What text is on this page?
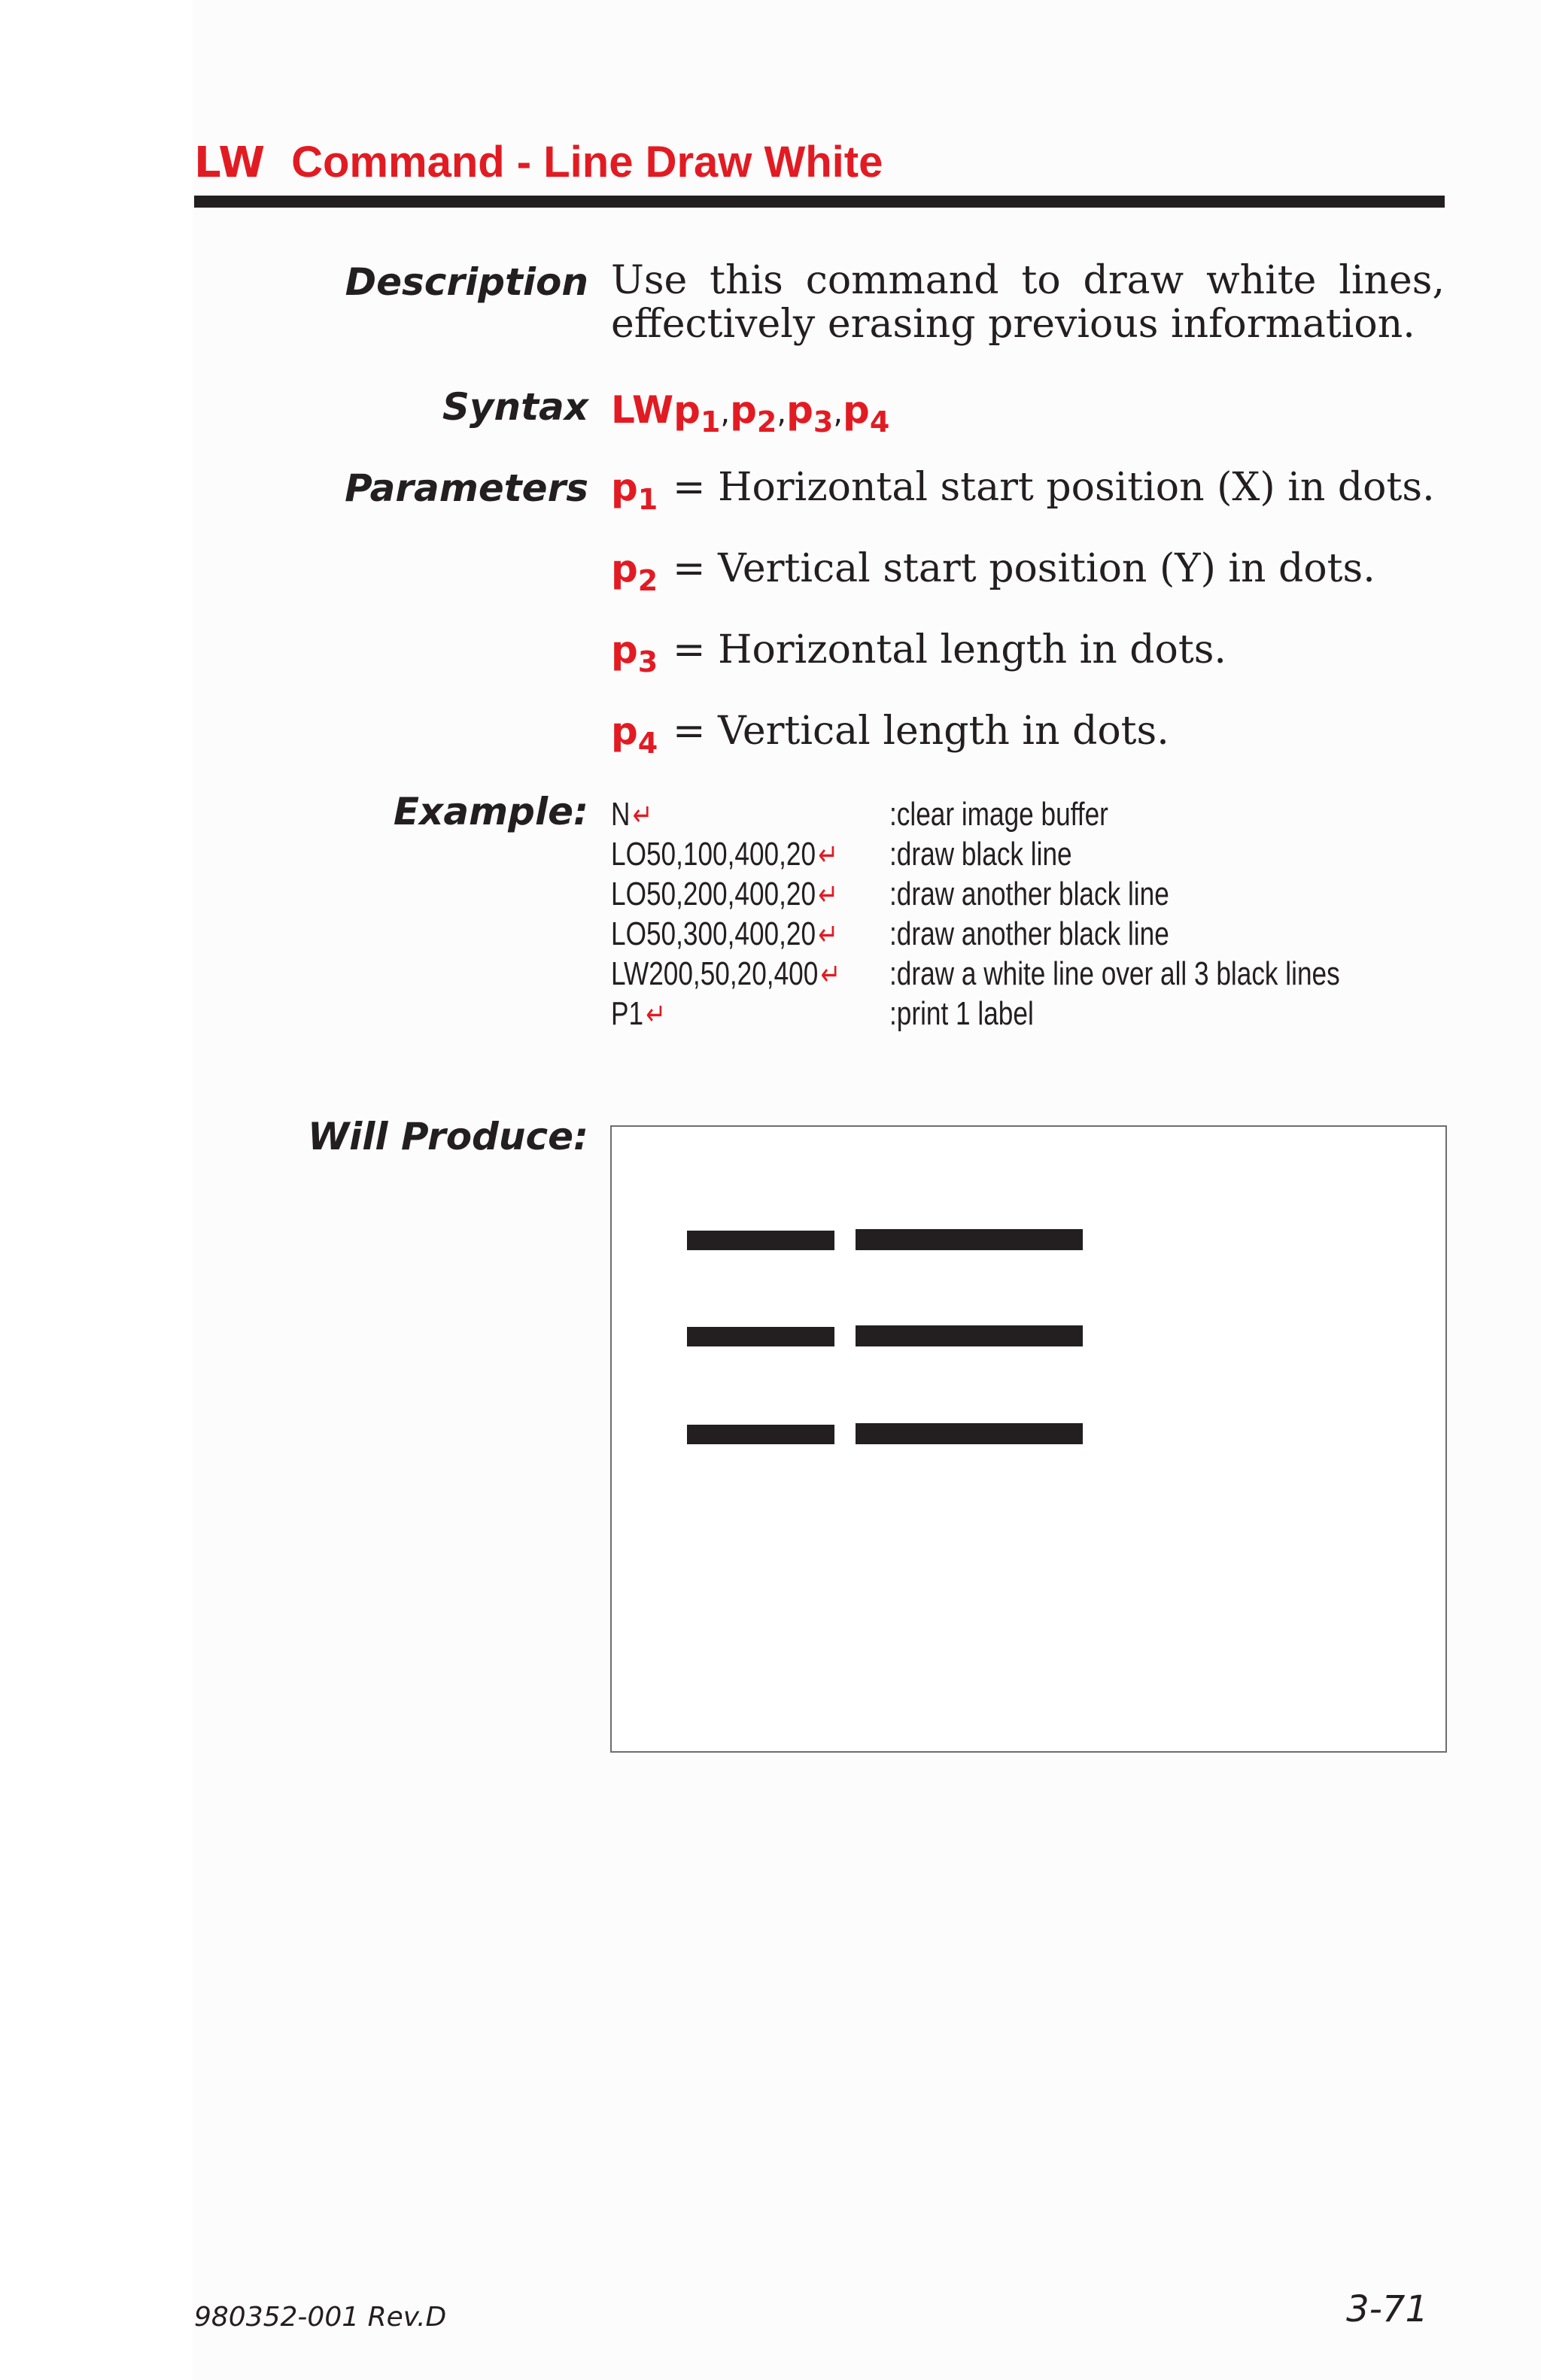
LW Command - Line Draw White
Description Use this command to draw white lines, effectively erasing previous information.
Syntax $LWp_1,p_2,p_3,p_4$
Parameters $p_1$ = Horizontal start position (X) in dots.
$p_2$ = Vertical start position (Y) in dots.
$p_3$ = Horizontal length in dots.
$p_4$ = Vertical length in dots.
Example: N↵	:clear image buffer
LO50,100,400,20↵ :draw black line
LO50,200,400,20↵ :draw another black line
LO50,300,400,20↵ :draw another black line
LW200,50,20,400↵ :draw a white line over all 3 black lines
P1↵	:print 1 label
Will Produce:
980352-001 Rev.D	3-71
